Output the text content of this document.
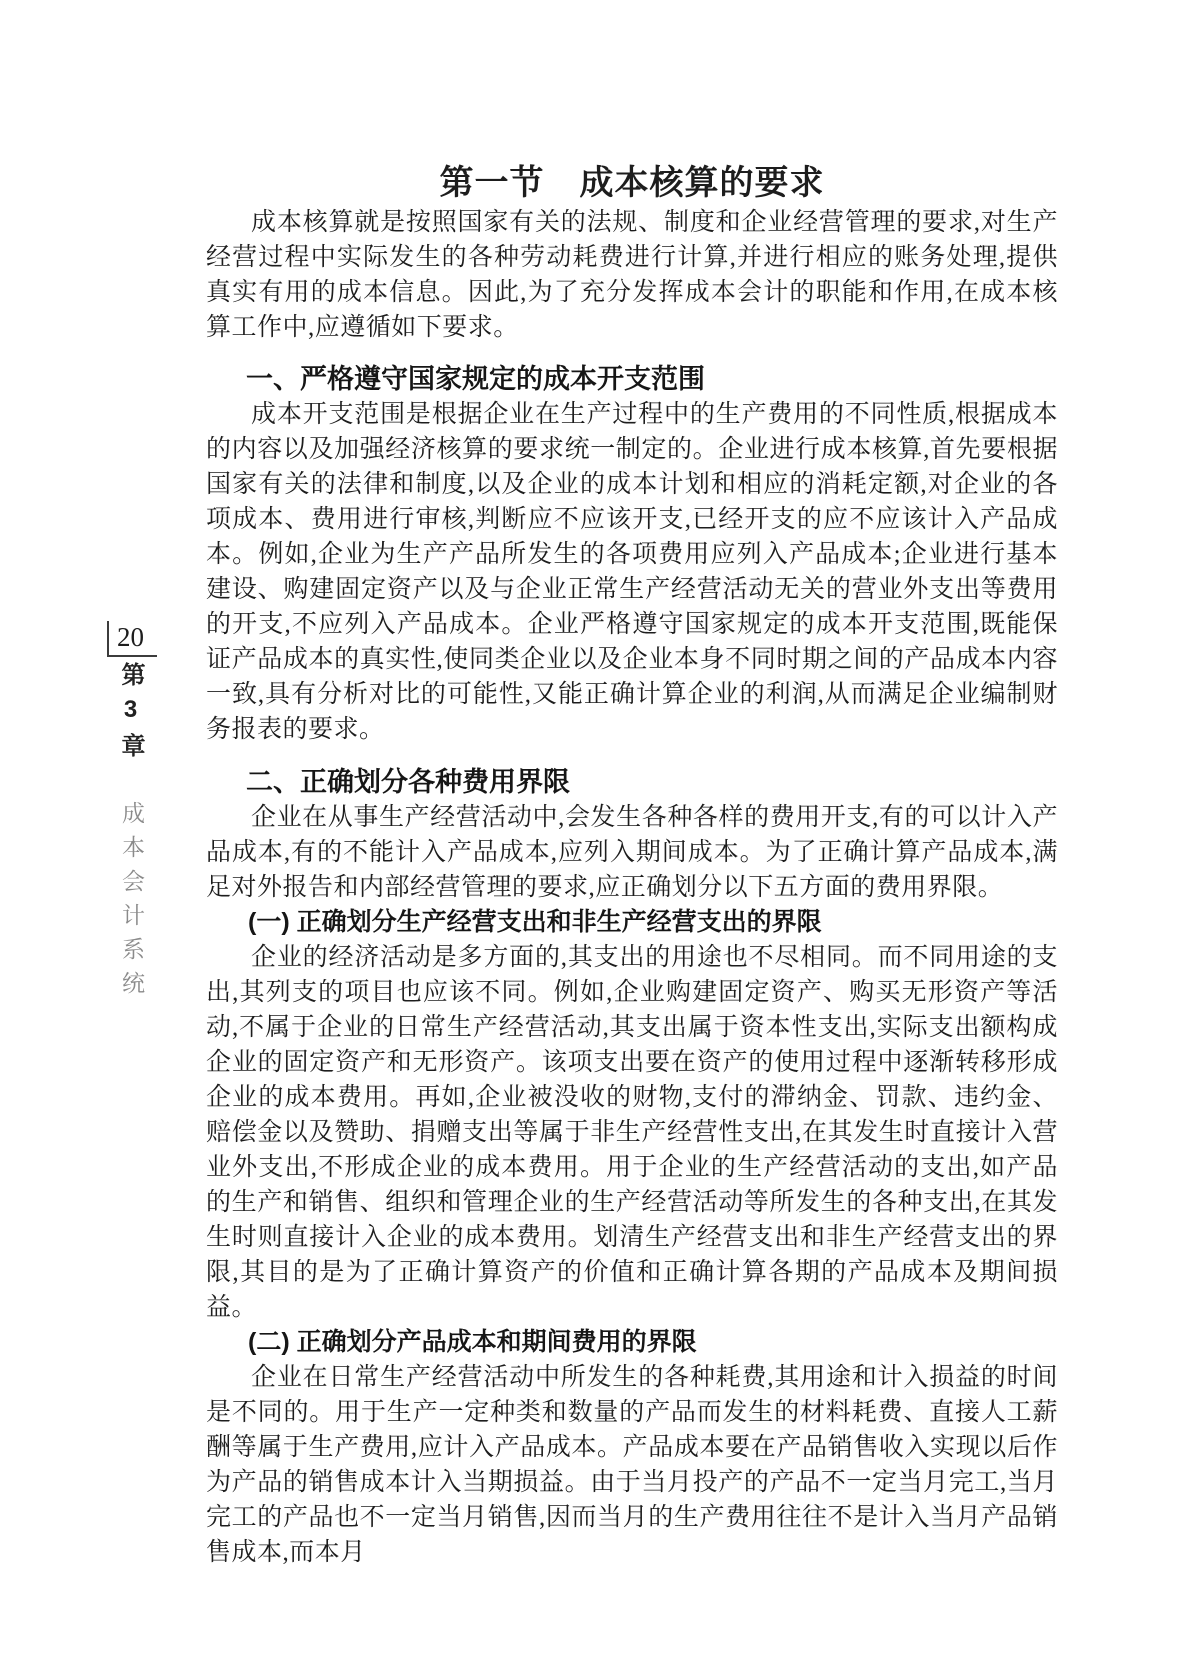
20
第3章
成本会计系统
第一节　成本核算的要求

成本核算就是按照国家有关的法规、制度和企业经营管理的要求,对生产经营过程中实际发生的各种劳动耗费进行计算,并进行相应的账务处理,提供真实有用的成本信息。因此,为了充分发挥成本会计的职能和作用,在成本核算工作中,应遵循如下要求。

一、严格遵守国家规定的成本开支范围

成本开支范围是根据企业在生产过程中的生产费用的不同性质,根据成本的内容以及加强经济核算的要求统一制定的。企业进行成本核算,首先要根据国家有关的法律和制度,以及企业的成本计划和相应的消耗定额,对企业的各项成本、费用进行审核,判断应不应该开支,已经开支的应不应该计入产品成本。例如,企业为生产产品所发生的各项费用应列入产品成本;企业进行基本建设、购建固定资产以及与企业正常生产经营活动无关的营业外支出等费用的开支,不应列入产品成本。企业严格遵守国家规定的成本开支范围,既能保证产品成本的真实性,使同类企业以及企业本身不同时期之间的产品成本内容一致,具有分析对比的可能性,又能正确计算企业的利润,从而满足企业编制财务报表的要求。

二、正确划分各种费用界限

企业在从事生产经营活动中,会发生各种各样的费用开支,有的可以计入产品成本,有的不能计入产品成本,应列入期间成本。为了正确计算产品成本,满足对外报告和内部经营管理的要求,应正确划分以下五方面的费用界限。

(一) 正确划分生产经营支出和非生产经营支出的界限

企业的经济活动是多方面的,其支出的用途也不尽相同。而不同用途的支出,其列支的项目也应该不同。例如,企业购建固定资产、购买无形资产等活动,不属于企业的日常生产经营活动,其支出属于资本性支出,实际支出额构成企业的固定资产和无形资产。该项支出要在资产的使用过程中逐渐转移形成企业的成本费用。再如,企业被没收的财物,支付的滞纳金、罚款、违约金、赔偿金以及赞助、捐赠支出等属于非生产经营性支出,在其发生时直接计入营业外支出,不形成企业的成本费用。用于企业的生产经营活动的支出,如产品的生产和销售、组织和管理企业的生产经营活动等所发生的各种支出,在其发生时则直接计入企业的成本费用。划清生产经营支出和非生产经营支出的界限,其目的是为了正确计算资产的价值和正确计算各期的产品成本及期间损益。

(二) 正确划分产品成本和期间费用的界限

企业在日常生产经营活动中所发生的各种耗费,其用途和计入损益的时间是不同的。用于生产一定种类和数量的产品而发生的材料耗费、直接人工薪酬等属于生产费用,应计入产品成本。产品成本要在产品销售收入实现以后作为产品的销售成本计入当期损益。由于当月投产的产品不一定当月完工,当月完工的产品也不一定当月销售,因而当月的生产费用往往不是计入当月产品销售成本,而本月
